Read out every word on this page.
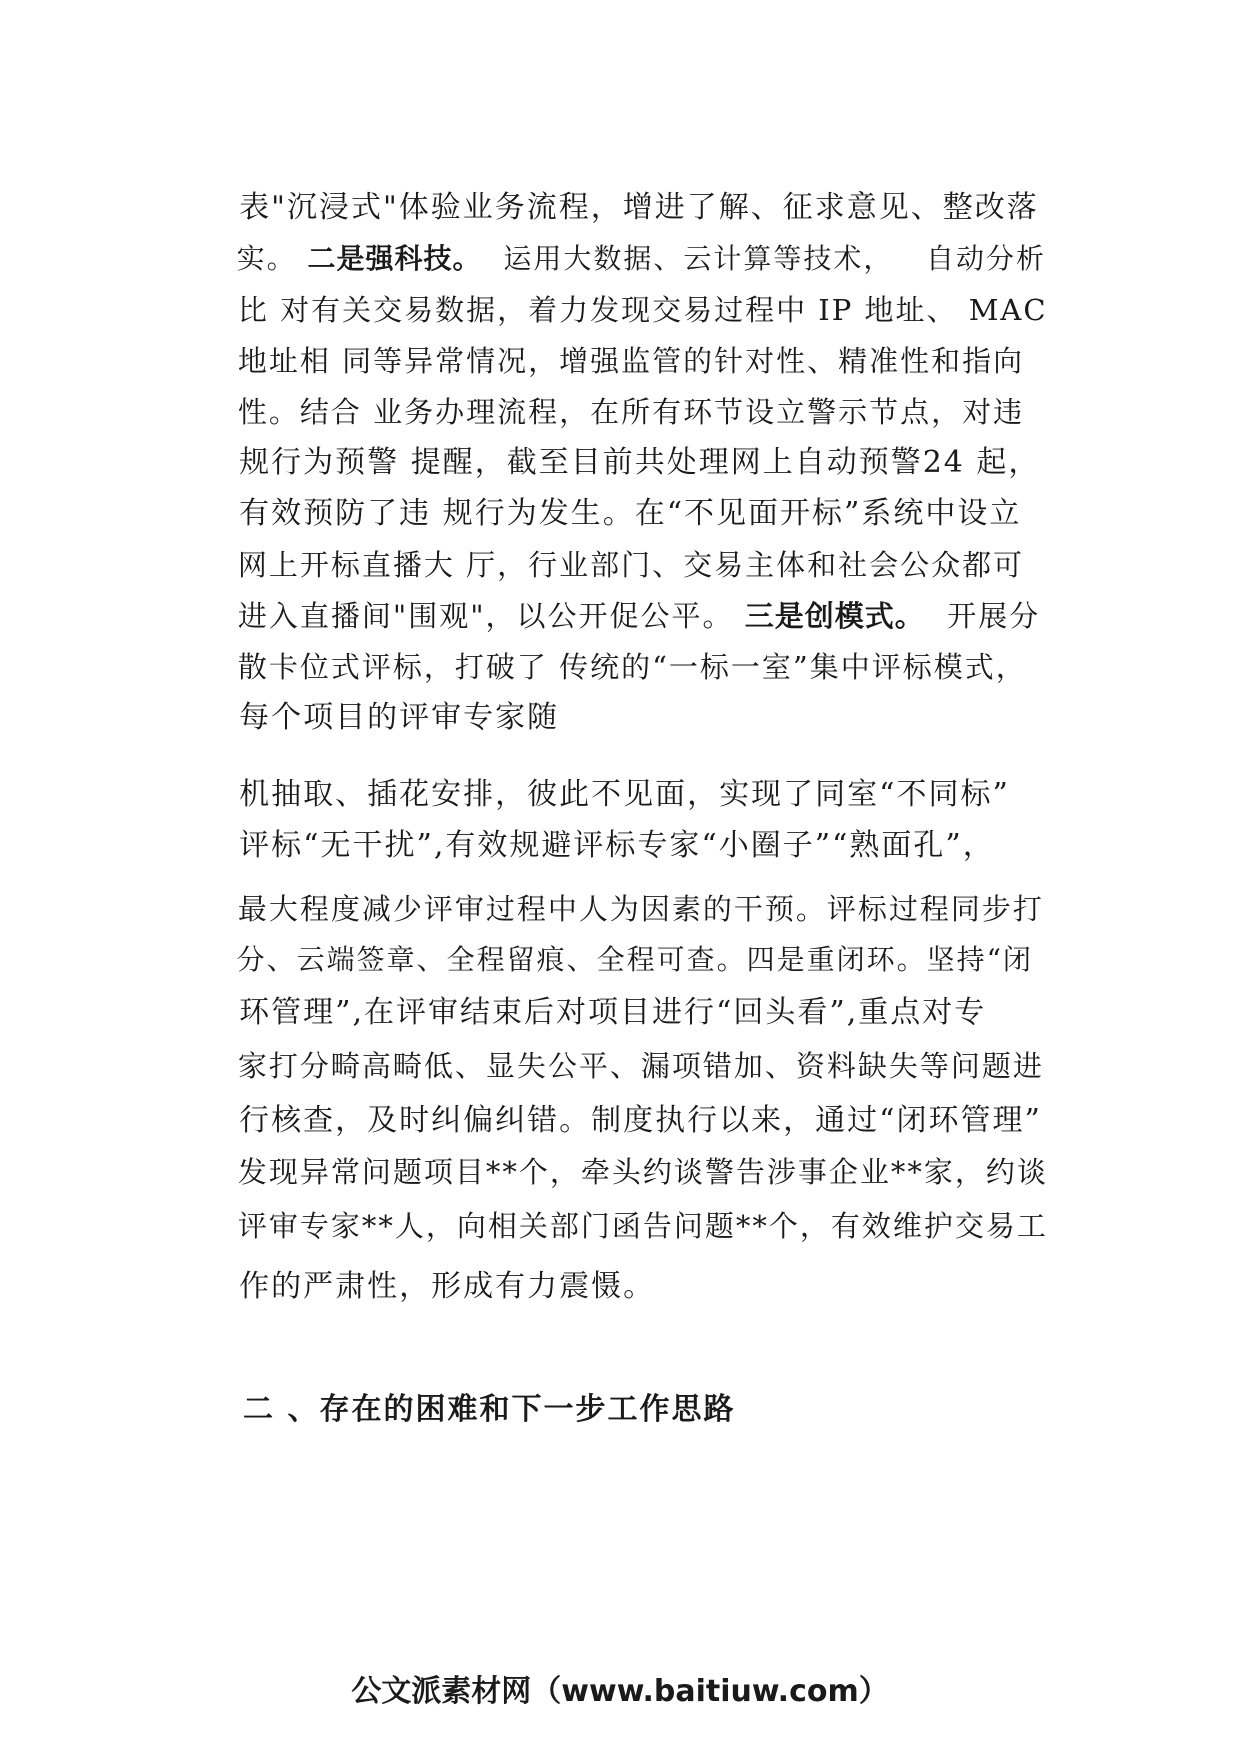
表"沉浸式"体验业务流程，增进了解、征求意见、整改落

实。 二是强科技。  运用大数据、云计算等技术，   自动分析

比 对有关交易数据，着力发现交易过程中 IP 地址、 MAC

地址相 同等异常情况，增强监管的针对性、精准性和指向

性。结合 业务办理流程，在所有环节设立警示节点，对违

规行为预警 提醒，截至目前共处理网上自动预警24 起，

有效预防了违 规行为发生。在“不见面开标”系统中设立

网上开标直播大 厅，行业部门、交易主体和社会公众都可

进入直播间"围观"，以公开促公平。 三是创模式。  开展分

散卡位式评标，打破了 传统的“一标一室”集中评标模式，

每个项目的评审专家随

机抽取、插花安排，彼此不见面，实现了同室“不同标”

评标“无干扰”,有效规避评标专家“小圈子”“熟面孔”，

最大程度减少评审过程中人为因素的干预。评标过程同步打

分、云端签章、全程留痕、全程可查。四是重闭环。坚持“闭

环管理”,在评审结束后对项目进行“回头看”,重点对专

家打分畸高畸低、显失公平、漏项错加、资料缺失等问题进

行核查，及时纠偏纠错。制度执行以来，通过“闭环管理”

发现异常问题项目**个，牵头约谈警告涉事企业**家，约谈

评审专家**人，向相关部门函告问题**个，有效维护交易工

作的严肃性，形成有力震慑。

二 、存在的困难和下一步工作思路
公文派素材网（www.baitiuw.com）
